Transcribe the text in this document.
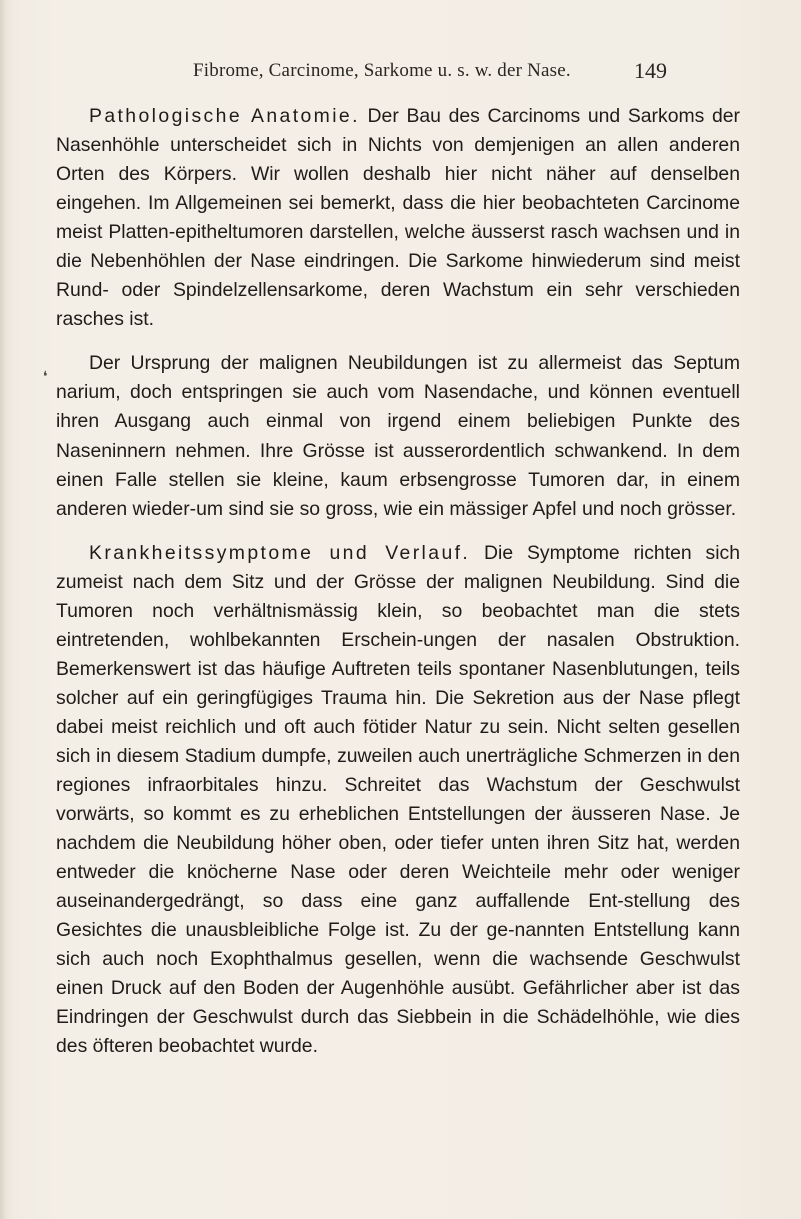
Fibrome, Carcinome, Sarkome u. s. w. der Nase.	149
❛

Pathologische Anatomie. Der Bau des Carcinoms und Sarkoms der Nasenhöhle unterscheidet sich in Nichts von demjenigen an allen anderen Orten des Körpers. Wir wollen deshalb hier nicht näher auf denselben eingehen. Im Allgemeinen sei bemerkt, dass die hier beobachteten Carcinome meist Platten-epitheltumoren darstellen, welche äusserst rasch wachsen und in die Nebenhöhlen der Nase eindringen. Die Sarkome hinwiederum sind meist Rund- oder Spindelzellensarkome, deren Wachstum ein sehr verschieden rasches ist.

Der Ursprung der malignen Neubildungen ist zu allermeist das Septum narium, doch entspringen sie auch vom Nasendache, und können eventuell ihren Ausgang auch einmal von irgend einem beliebigen Punkte des Naseninnern nehmen. Ihre Grösse ist ausserordentlich schwankend. In dem einen Falle stellen sie kleine, kaum erbsengrosse Tumoren dar, in einem anderen wieder-um sind sie so gross, wie ein mässiger Apfel und noch grösser.

Krankheitssymptome und Verlauf. Die Symptome richten sich zumeist nach dem Sitz und der Grösse der malignen Neubildung. Sind die Tumoren noch verhältnismässig klein, so beobachtet man die stets eintretenden, wohlbekannten Erschein-ungen der nasalen Obstruktion. Bemerkenswert ist das häufige Auftreten teils spontaner Nasenblutungen, teils solcher auf ein geringfügiges Trauma hin. Die Sekretion aus der Nase pflegt dabei meist reichlich und oft auch fötider Natur zu sein. Nicht selten gesellen sich in diesem Stadium dumpfe, zuweilen auch unerträgliche Schmerzen in den regiones infraorbitales hinzu. Schreitet das Wachstum der Geschwulst vorwärts, so kommt es zu erheblichen Entstellungen der äusseren Nase. Je nachdem die Neubildung höher oben, oder tiefer unten ihren Sitz hat, werden entweder die knöcherne Nase oder deren Weichteile mehr oder weniger auseinandergedrängt, so dass eine ganz auffallende Ent-stellung des Gesichtes die unausbleibliche Folge ist. Zu der ge-nannten Entstellung kann sich auch noch Exophthalmus gesellen, wenn die wachsende Geschwulst einen Druck auf den Boden der Augenhöhle ausübt. Gefährlicher aber ist das Eindringen der Geschwulst durch das Siebbein in die Schädelhöhle, wie dies des öfteren beobachtet wurde.
